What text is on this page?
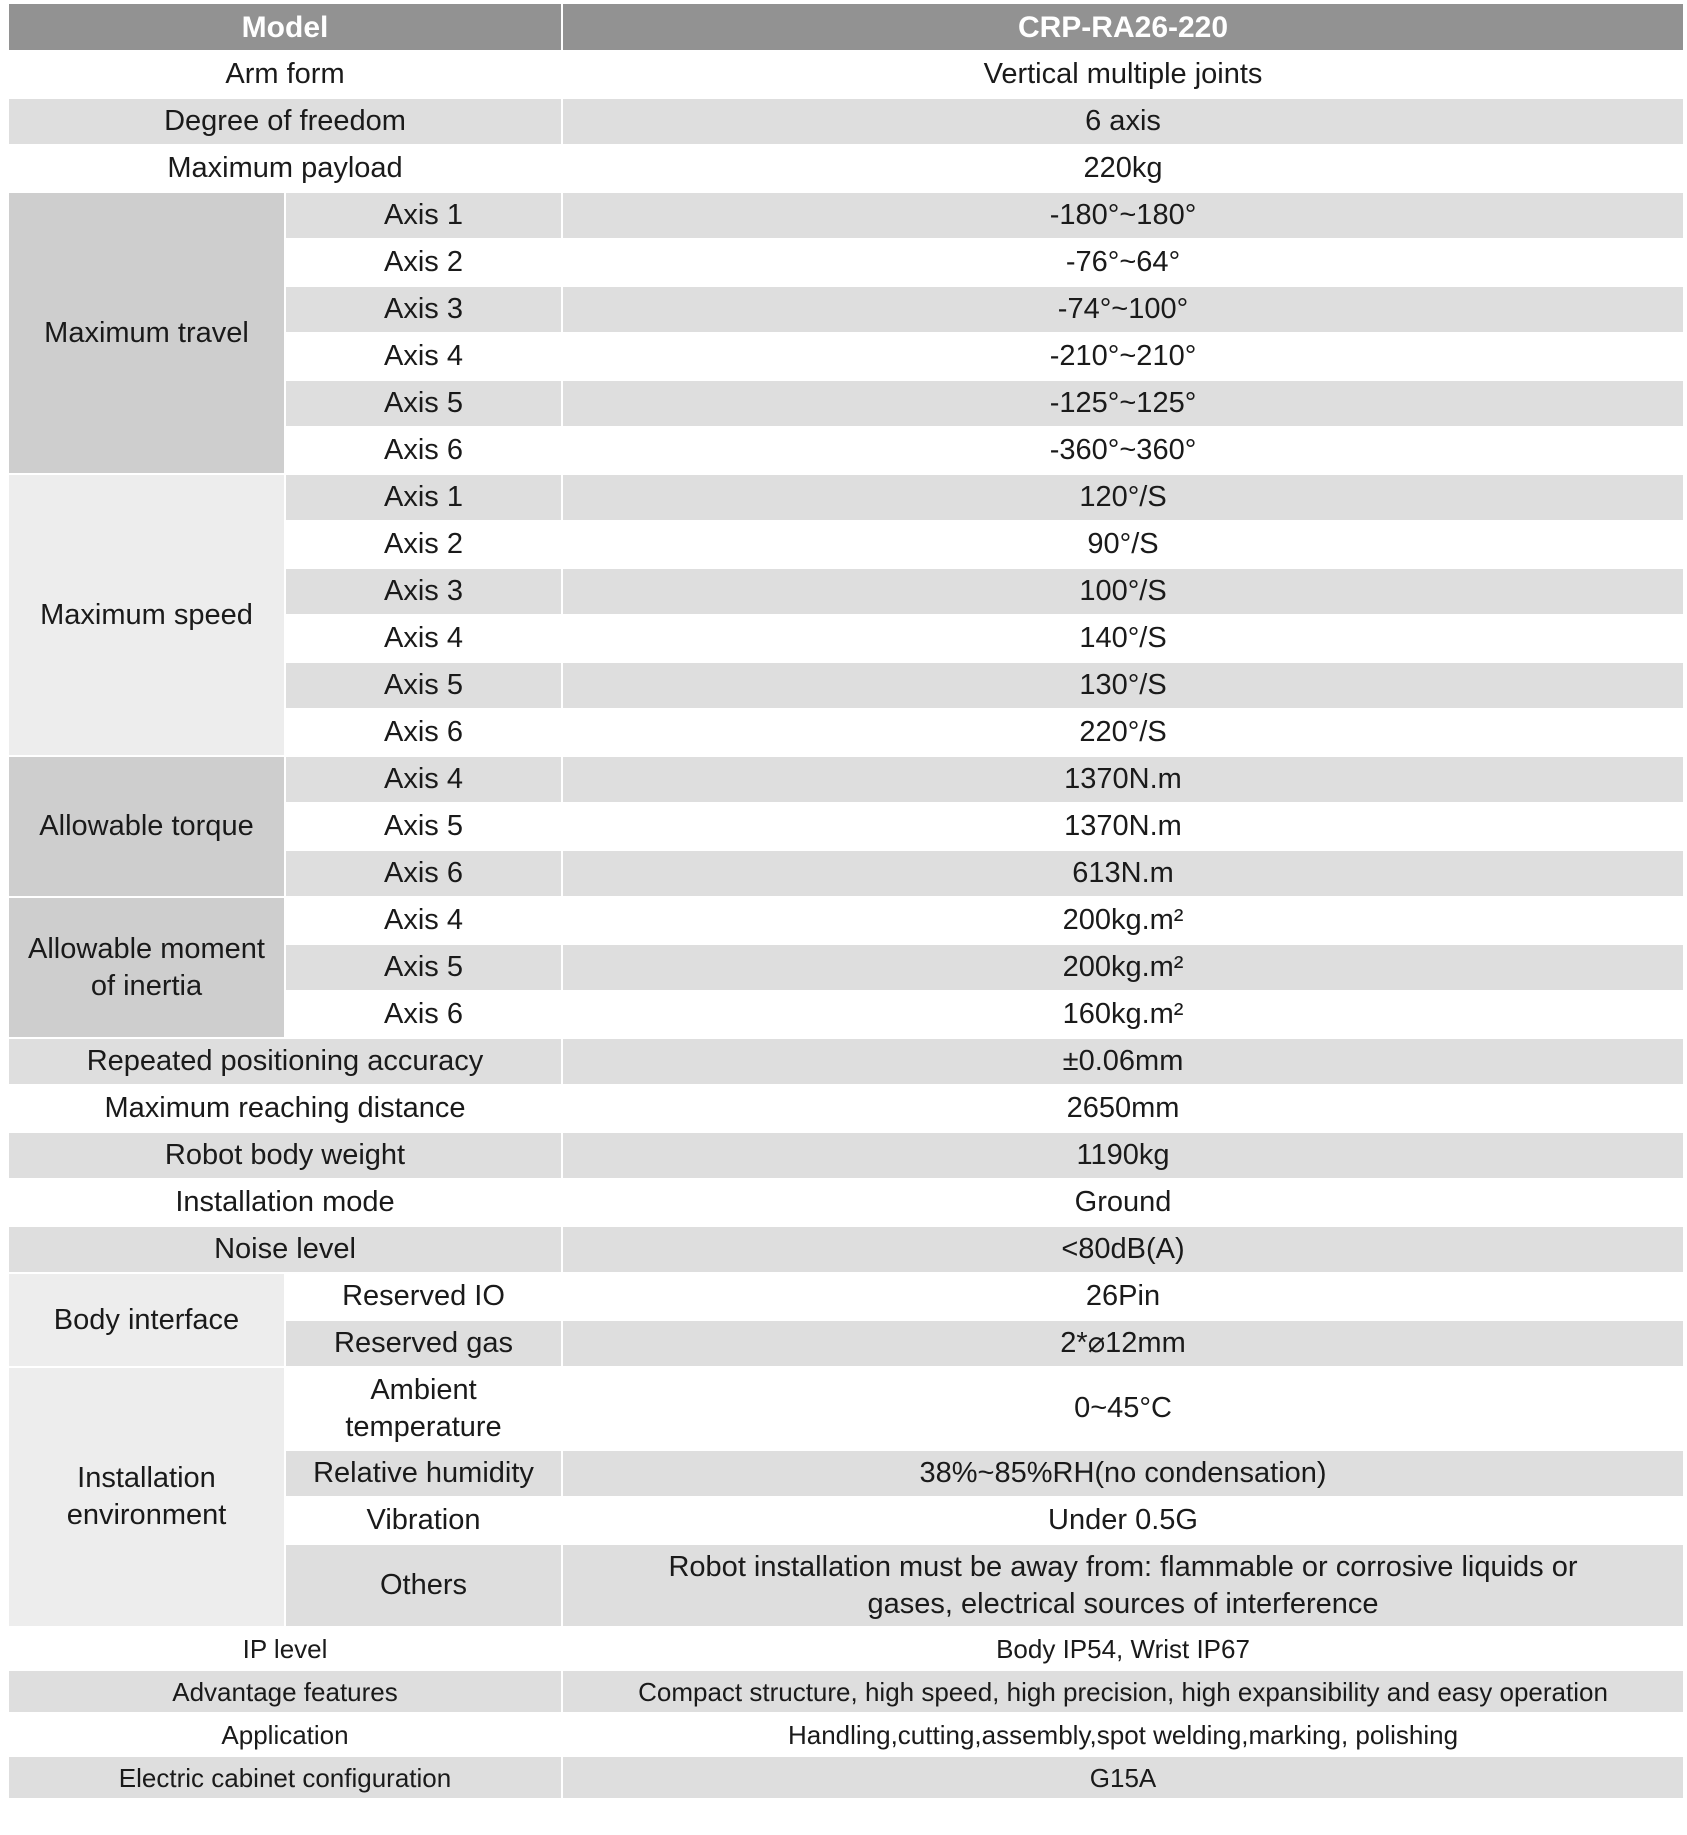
Model		CRP-RA26-220
Arm form		Vertical multiple joints
Degree of freedom		6 axis
Maximum payload		220kg
Maximum travel	Axis 1	-180°~180°
	Axis 2	-76°~64°
	Axis 3	-74°~100°
	Axis 4	-210°~210°
	Axis 5	-125°~125°
	Axis 6	-360°~360°
Maximum speed	Axis 1	120°/S
	Axis 2	90°/S
	Axis 3	100°/S
	Axis 4	140°/S
	Axis 5	130°/S
	Axis 6	220°/S
Allowable torque	Axis 4	1370N.m
	Axis 5	1370N.m
	Axis 6	613N.m
Allowable moment
of inertia	Axis 4	200kg.m²
	Axis 5	200kg.m²
	Axis 6	160kg.m²
Repeated positioning accuracy		±0.06mm
Maximum reaching distance		2650mm
Robot body weight		1190kg
Installation mode		Ground
Noise level		<80dB(A)
Body interface	Reserved IO	26Pin
	Reserved gas	2*⌀12mm
Installation
environment	Ambient
temperature	0~45°C
	Relative humidity	38%~85%RH(no condensation)
	Vibration	Under 0.5G
	Others	Robot installation must be away from: flammable or corrosive liquids or
gases, electrical sources of interference
IP level		Body IP54, Wrist IP67
Advantage features		Compact structure, high speed, high precision, high expansibility and easy operation
Application		Handling,cutting,assembly,spot welding,marking, polishing
Electric cabinet configuration		G15A
